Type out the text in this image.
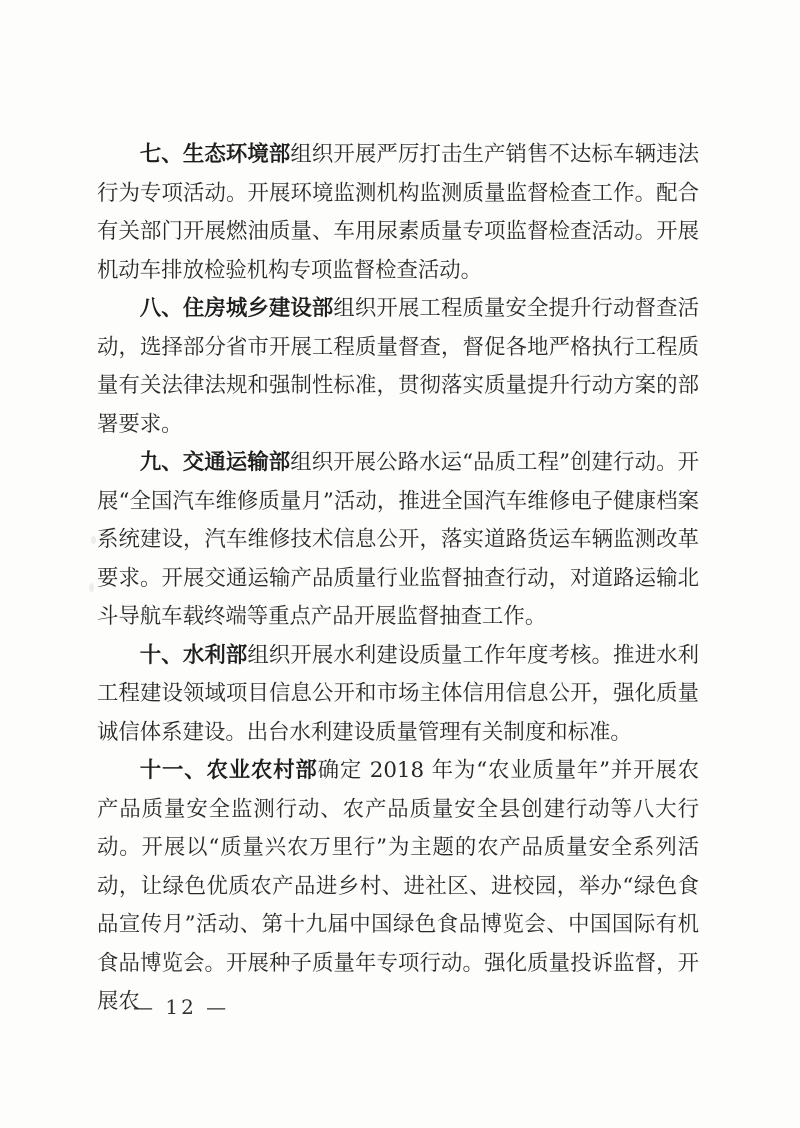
七、生态环境部组织开展严厉打击生产销售不达标车辆违法行为专项活动。开展环境监测机构监测质量监督检查工作。配合有关部门开展燃油质量、车用尿素质量专项监督检查活动。开展机动车排放检验机构专项监督检查活动。

八、住房城乡建设部组织开展工程质量安全提升行动督查活动，选择部分省市开展工程质量督查，督促各地严格执行工程质量有关法律法规和强制性标准，贯彻落实质量提升行动方案的部署要求。

九、交通运输部组织开展公路水运“品质工程”创建行动。开展“全国汽车维修质量月”活动，推进全国汽车维修电子健康档案系统建设，汽车维修技术信息公开，落实道路货运车辆监测改革要求。开展交通运输产品质量行业监督抽查行动，对道路运输北斗导航车载终端等重点产品开展监督抽查工作。

十、水利部组织开展水利建设质量工作年度考核。推进水利工程建设领域项目信息公开和市场主体信用信息公开，强化质量诚信体系建设。出台水利建设质量管理有关制度和标准。

十一、农业农村部确定 2018 年为“农业质量年”并开展农产品质量安全监测行动、农产品质量安全县创建行动等八大行动。开展以“质量兴农万里行”为主题的农产品质量安全系列活动，让绿色优质农产品进乡村、进社区、进校园，举办“绿色食品宣传月”活动、第十九届中国绿色食品博览会、中国国际有机食品博览会。开展种子质量年专项行动。强化质量投诉监督，开展农

— 12 —
